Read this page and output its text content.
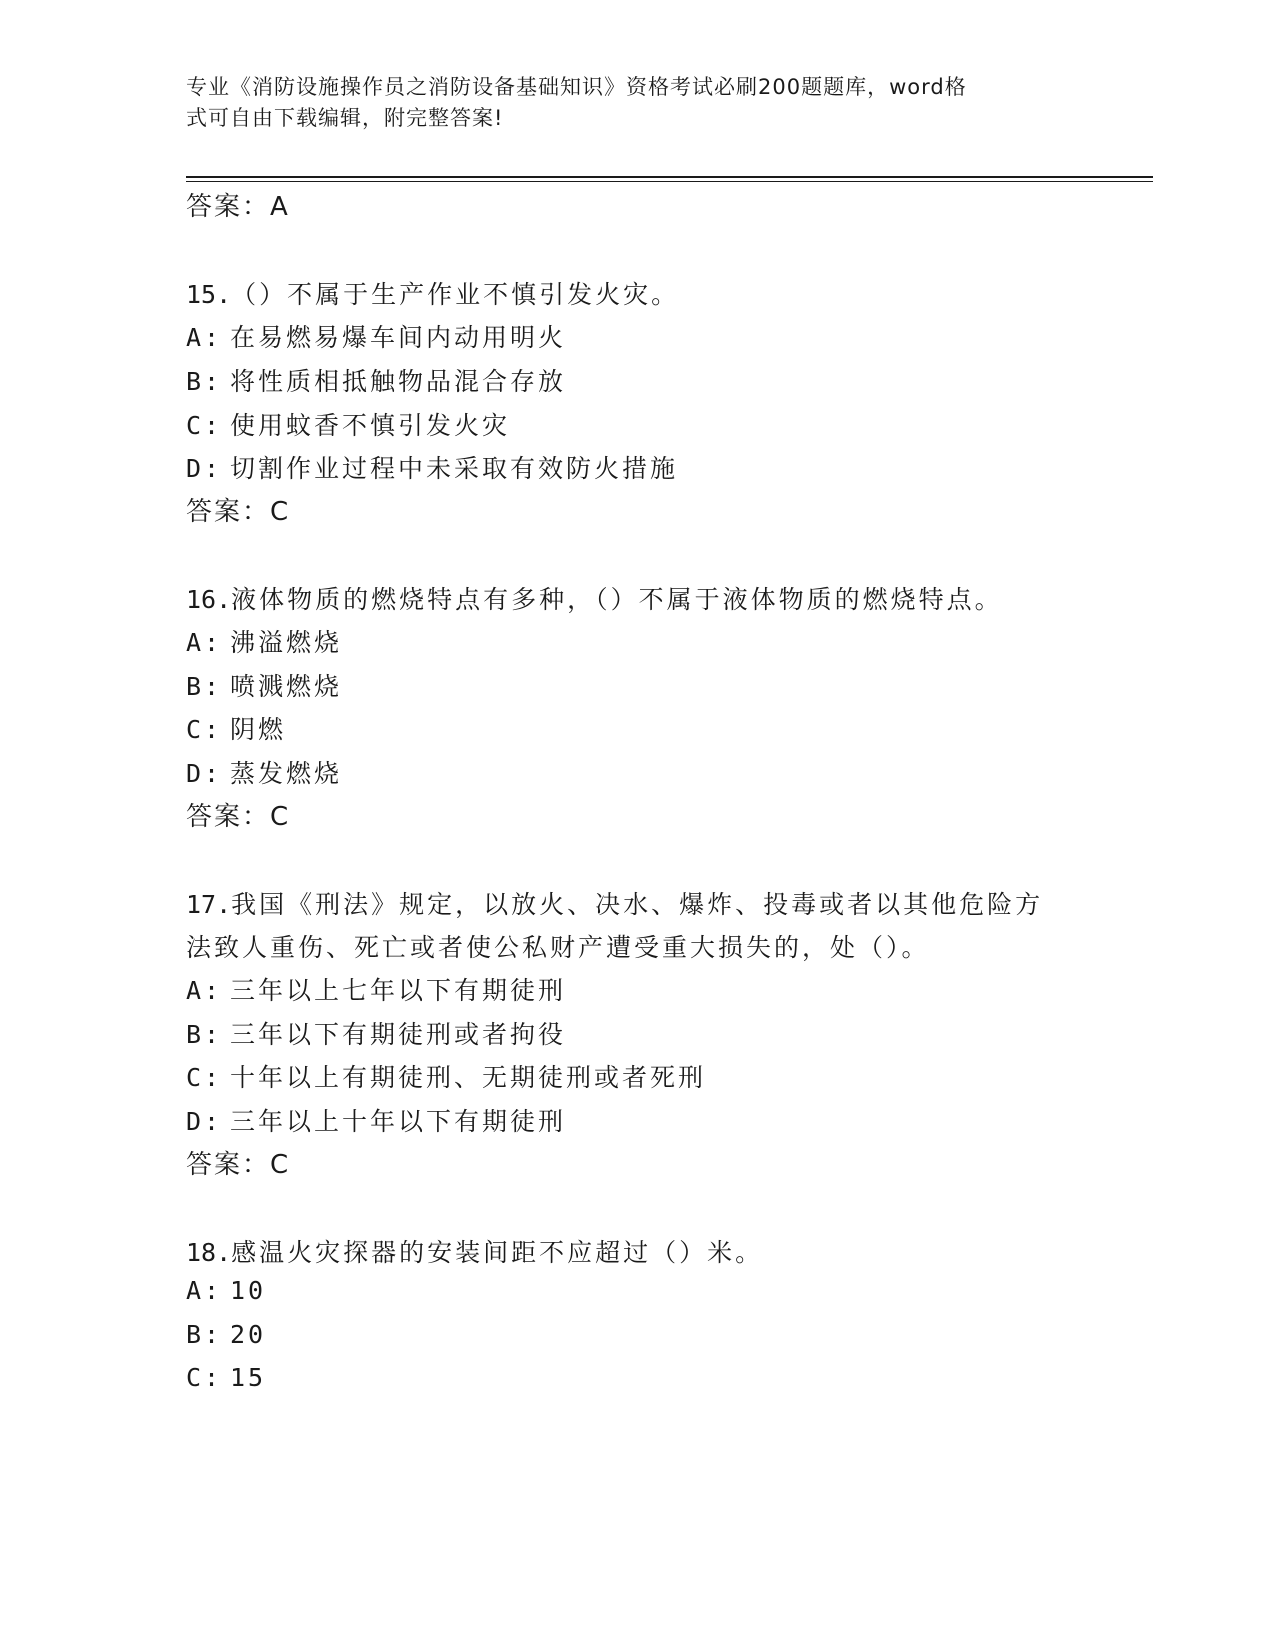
专业《消防设施操作员之消防设备基础知识》资格考试必刷200题题库，word格
式可自由下载编辑，附完整答案!
答案：A
15.（）不属于生产作业不慎引发火灾。
A: 在易燃易爆车间内动用明火
B: 将性质相抵触物品混合存放
C: 使用蚊香不慎引发火灾
D: 切割作业过程中未采取有效防火措施
答案：C
16.液体物质的燃烧特点有多种，（）不属于液体物质的燃烧特点。
A: 沸溢燃烧
B: 喷溅燃烧
C: 阴燃
D: 蒸发燃烧
答案：C
17.我国《刑法》规定，以放火、决水、爆炸、投毒或者以其他危险方
法致人重伤、死亡或者使公私财产遭受重大损失的，处（）。
A: 三年以上七年以下有期徒刑
B: 三年以下有期徒刑或者拘役
C: 十年以上有期徒刑、无期徒刑或者死刑
D: 三年以上十年以下有期徒刑
答案：C
18.感温火灾探器的安装间距不应超过（）米。
A: 10
B: 20
C: 15
